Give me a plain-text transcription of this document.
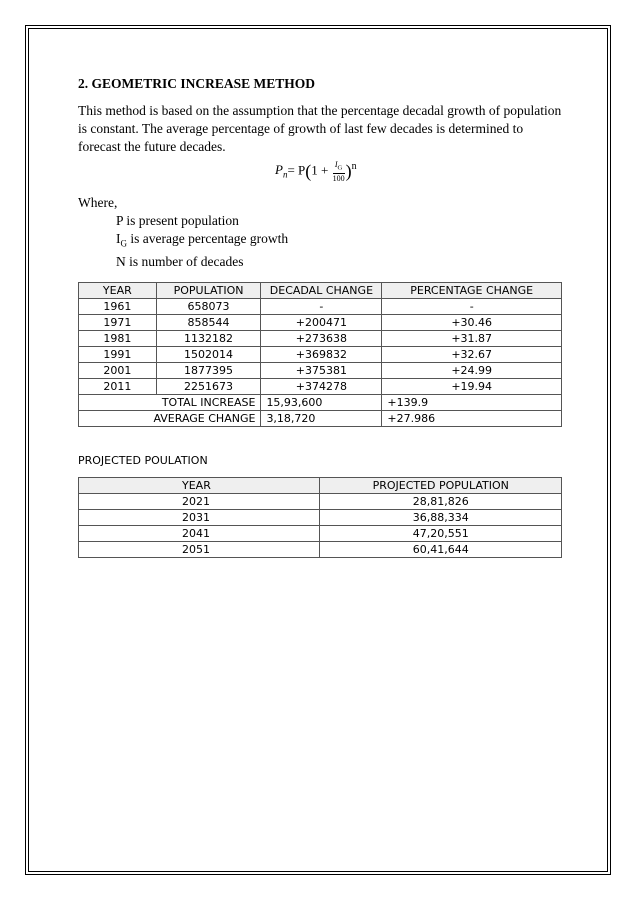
2. GEOMETRIC INCREASE METHOD

This method is based on the assumption that the percentage decadal growth of population is constant. The average percentage of growth of last few decades is determined to forecast the future decades.

$P_n= P(1 + \frac{I_G}{100} )^n$

Where,

P is present population

$I_G$ is average percentage growth

N is number of decades

YEAR	POPULATION	DECADAL CHANGE	PERCENTAGE CHANGE
1961	658073	-	-
1971	858544	+200471	+30.46
1981	1132182	+273638	+31.87
1991	1502014	+369832	+32.67
2001	1877395	+375381	+24.99
2011	2251673	+374278	+19.94
TOTAL INCREASE		15,93,600	+139.9
AVERAGE CHANGE		3,18,720	+27.986
PROJECTED POULATION
YEAR	PROJECTED POPULATION
2021	28,81,826
2031	36,88,334
2041	47,20,551
2051	60,41,644
